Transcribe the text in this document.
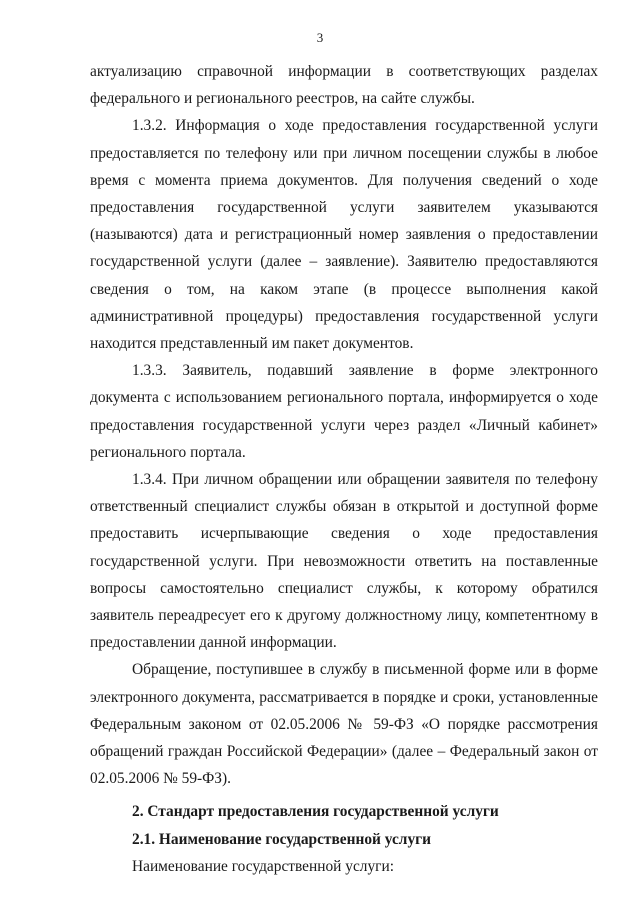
3

актуализацию справочной информации в соответствующих разделах федерального и регионального реестров, на сайте службы.

1.3.2. Информация о ходе предоставления государственной услуги предоставляется по телефону или при личном посещении службы в любое время с момента приема документов. Для получения сведений о ходе предоставления государственной услуги заявителем указываются (называются) дата и регистрационный номер заявления о предоставлении государственной услуги (далее – заявление). Заявителю предоставляются сведения о том, на каком этапе (в процессе выполнения какой административной процедуры) предоставления государственной услуги находится представленный им пакет документов.

1.3.3. Заявитель, подавший заявление в форме электронного документа с использованием регионального портала, информируется о ходе предоставления государственной услуги через раздел «Личный кабинет» регионального портала.

1.3.4. При личном обращении или обращении заявителя по телефону ответственный специалист службы обязан в открытой и доступной форме предоставить исчерпывающие сведения о ходе предоставления государственной услуги. При невозможности ответить на поставленные вопросы самостоятельно специалист службы, к которому обратился заявитель переадресует его к другому должностному лицу, компетентному в предоставлении данной информации.

Обращение, поступившее в службу в письменной форме или в форме электронного документа, рассматривается в порядке и сроки, установленные Федеральным законом от 02.05.2006 № 59-ФЗ «О порядке рассмотрения обращений граждан Российской Федерации» (далее – Федеральный закон от 02.05.2006 № 59-ФЗ).

2. Стандарт предоставления государственной услуги
2.1. Наименование государственной услуги

Наименование государственной услуги:
